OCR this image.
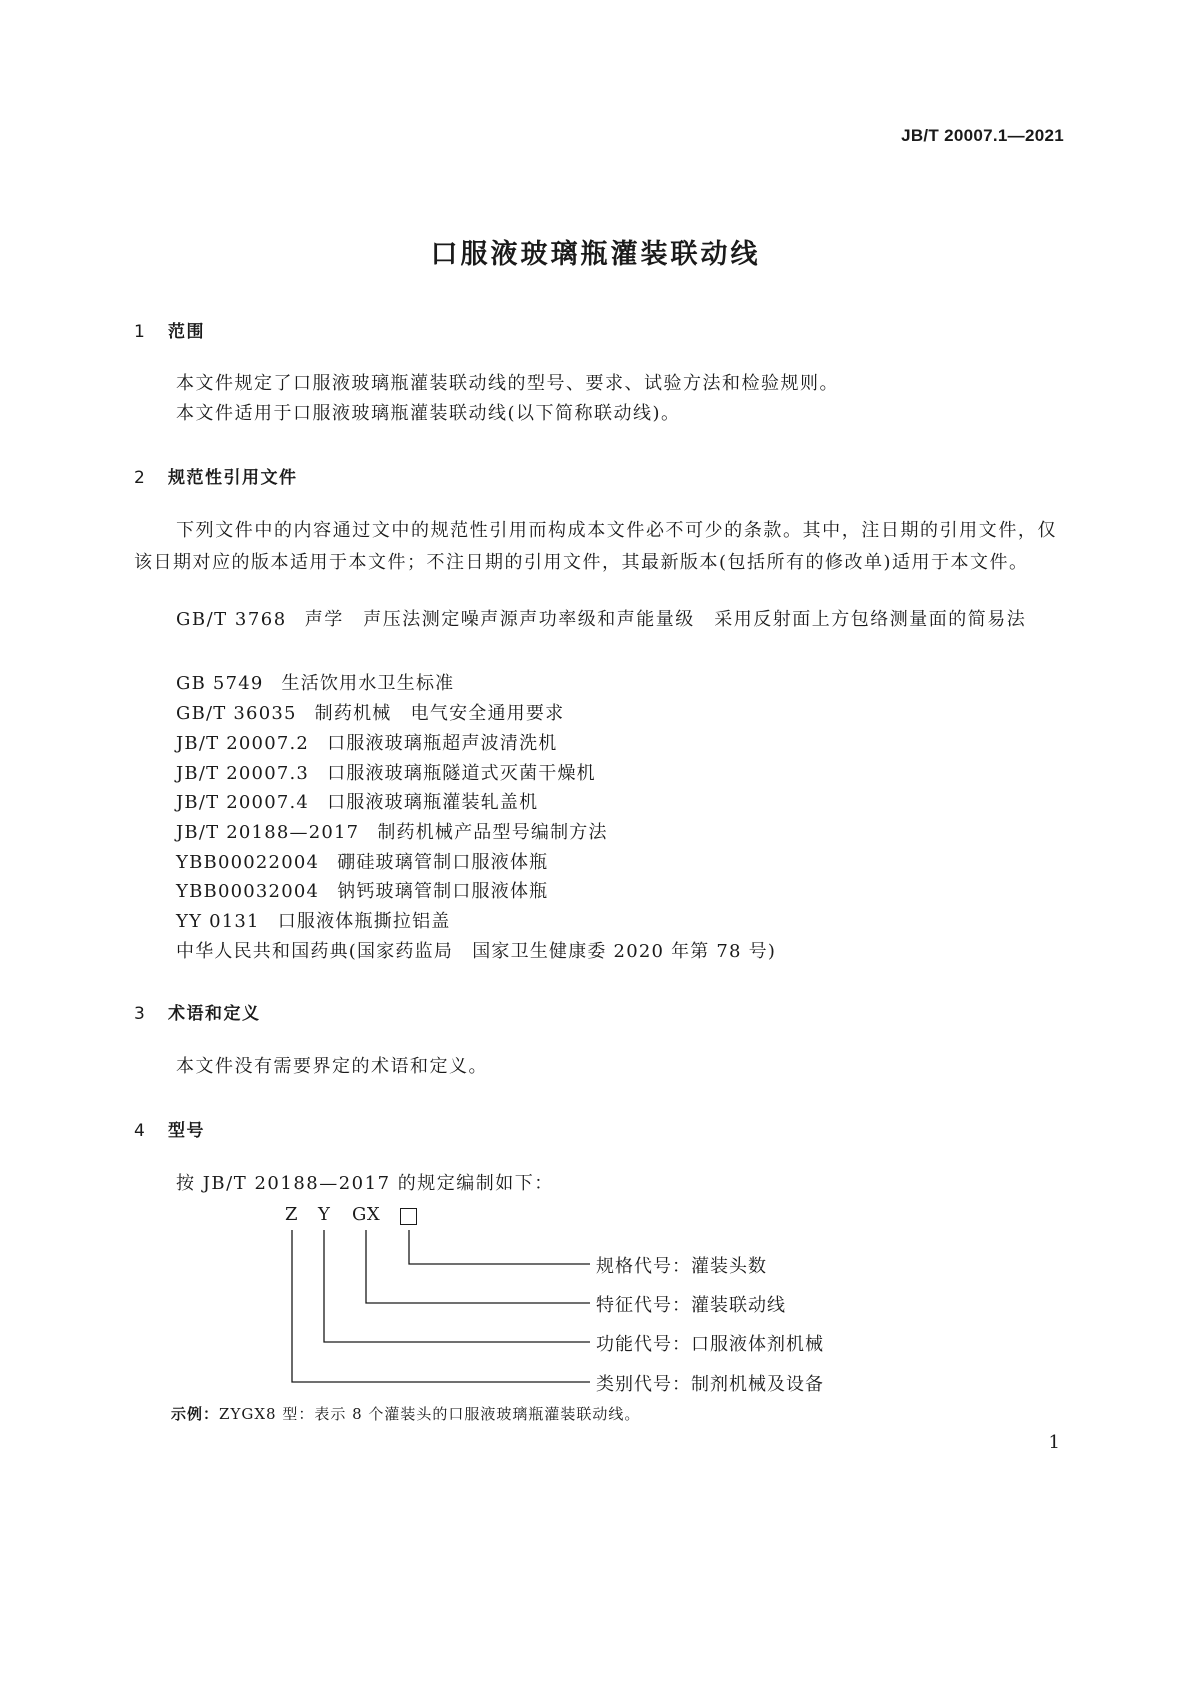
JB/T 20007.1—2021
口服液玻璃瓶灌装联动线
1 范围
本文件规定了口服液玻璃瓶灌装联动线的型号、要求、试验方法和检验规则。
本文件适用于口服液玻璃瓶灌装联动线(以下简称联动线)。
2 规范性引用文件
下列文件中的内容通过文中的规范性引用而构成本文件必不可少的条款。其中，注日期的引用文件，仅该日期对应的版本适用于本文件；不注日期的引用文件，其最新版本(包括所有的修改单)适用于本文件。
GB/T 3768 声学　声压法测定噪声源声功率级和声能量级　采用反射面上方包络测量面的简易法
GB 5749 生活饮用水卫生标准
GB/T 36035 制药机械　电气安全通用要求
JB/T 20007.2 口服液玻璃瓶超声波清洗机
JB/T 20007.3 口服液玻璃瓶隧道式灭菌干燥机
JB/T 20007.4 口服液玻璃瓶灌装轧盖机
JB/T 20188—2017 制药机械产品型号编制方法
YBB00022004 硼硅玻璃管制口服液体瓶
YBB00032004 钠钙玻璃管制口服液体瓶
YY 0131 口服液体瓶撕拉铝盖
中华人民共和国药典(国家药监局　国家卫生健康委 2020 年第 78 号)
3 术语和定义
本文件没有需要界定的术语和定义。
4 型号
按 JB/T 20188—2017 的规定编制如下：
Z Y GX
规格代号：灌装头数
特征代号：灌装联动线
功能代号：口服液体剂机械
类别代号：制剂机械及设备
示例：ZYGX8 型：表示 8 个灌装头的口服液玻璃瓶灌装联动线。
1
